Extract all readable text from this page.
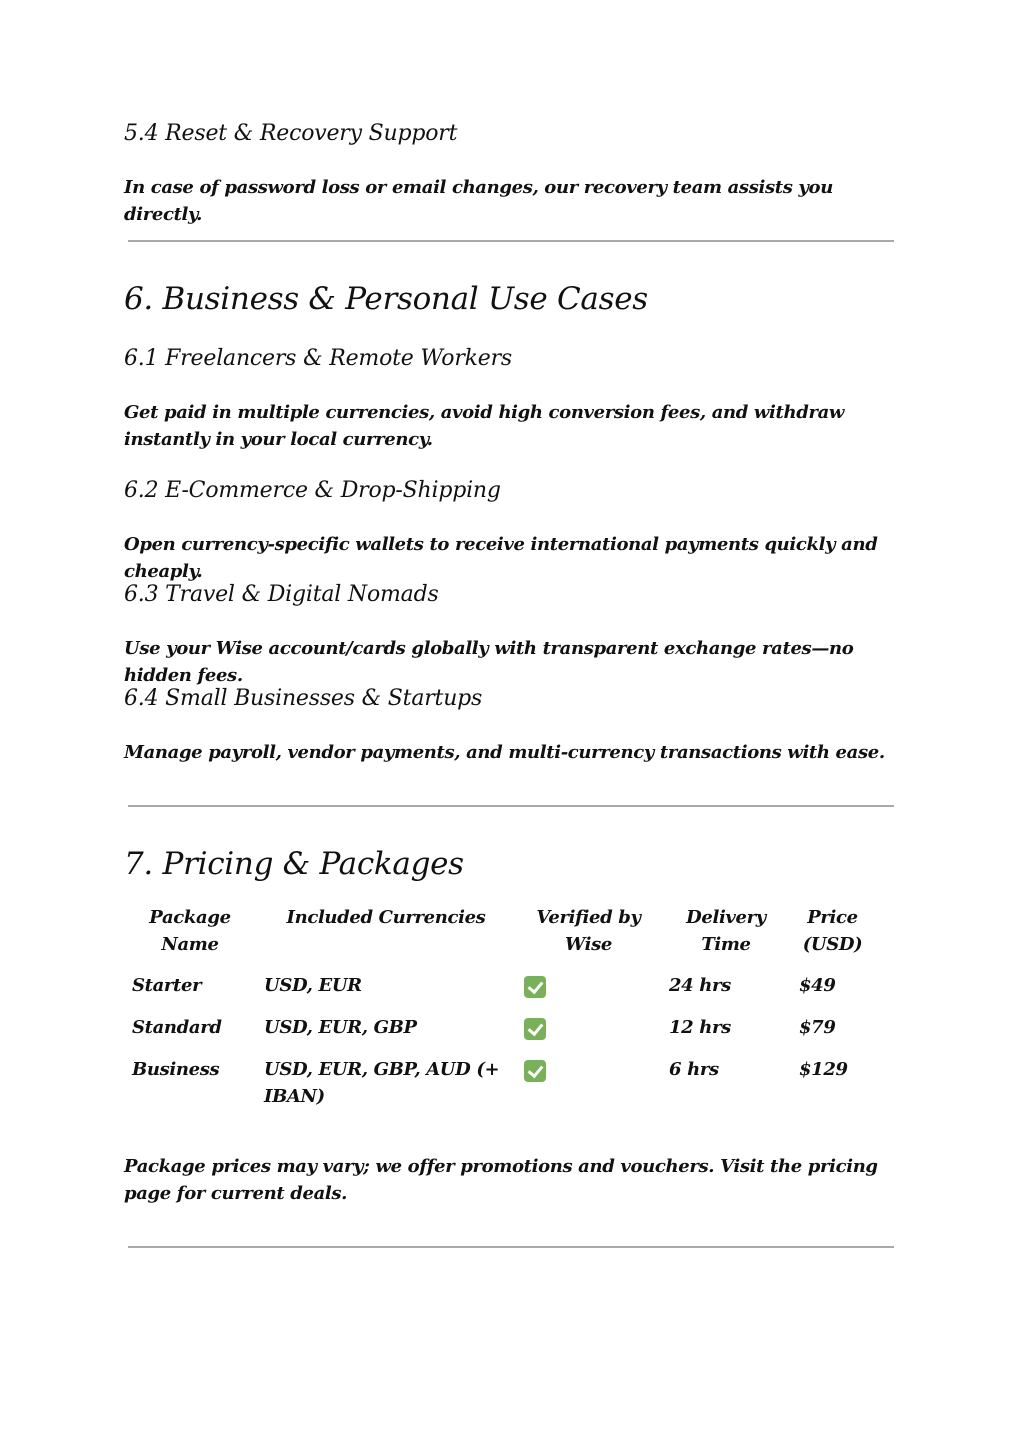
5.4 Reset & Recovery Support

In case of password loss or email changes, our recovery team assists you directly.

6. Business & Personal Use Cases
6.1 Freelancers & Remote Workers

Get paid in multiple currencies, avoid high conversion fees, and withdraw instantly in your local currency.

6.2 E-Commerce & Drop-Shipping

Open currency-specific wallets to receive international payments quickly and cheaply.

6.3 Travel & Digital Nomads

Use your Wise account/cards globally with transparent exchange rates—no hidden fees.

6.4 Small Businesses & Startups

Manage payroll, vendor payments, and multi-currency transactions with ease.

7. Pricing & Packages
Package Name	Included Currencies	Verified by Wise	Delivery Time	Price (USD)
Starter	USD, EUR		24 hrs	$49
Standard	USD, EUR, GBP		12 hrs	$79
Business	USD, EUR, GBP, AUD (+ IBAN)		6 hrs	$129

Package prices may vary; we offer promotions and vouchers. Visit the pricing page for current deals.
